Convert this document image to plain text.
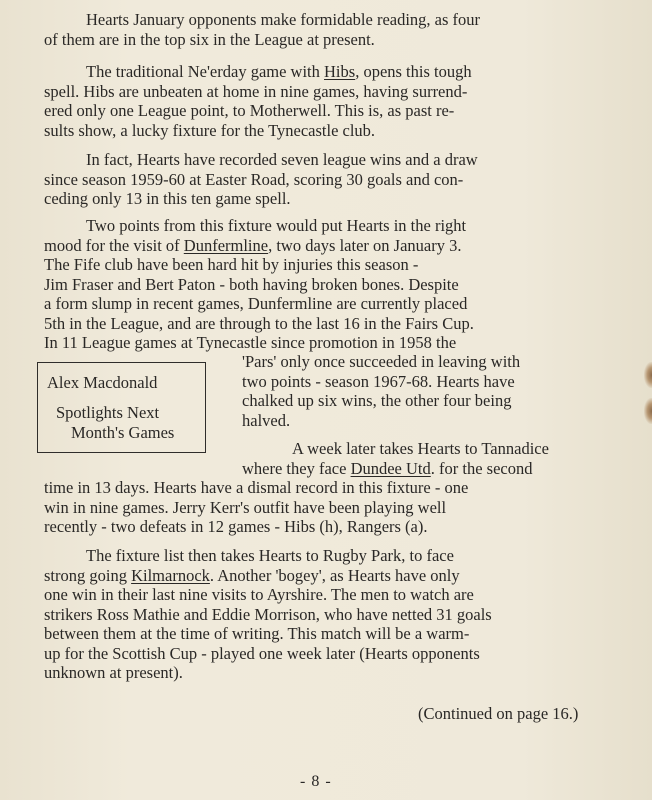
Hearts January opponents make formidable reading, as four
of them are in the top six in the League at present.
The traditional Ne'erday game with Hibs, opens this tough
spell. Hibs are unbeaten at home in nine games, having surrend-
ered only one League point, to Motherwell. This is, as past re-
sults show, a lucky fixture for the Tynecastle club.
In fact, Hearts have recorded seven league wins and a draw
since season 1959-60 at Easter Road, scoring 30 goals and con-
ceding only 13 in this ten game spell.
Two points from this fixture would put Hearts in the right
mood for the visit of Dunfermline, two days later on January 3.
The Fife club have been hard hit by injuries this season -
Jim Fraser and Bert Paton - both having broken bones. Despite
a form slump in recent games, Dunfermline are currently placed
5th in the League, and are through to the last 16 in the Fairs Cup.
In 11 League games at Tynecastle since promotion in 1958 the
'Pars' only once succeeded in leaving with
two points - season 1967-68. Hearts have
chalked up six wins, the other four being
halved.
Alex Macdonald
Spotlights Next
Month's Games
A week later takes Hearts to Tannadice
where they face Dundee Utd. for the second
time in 13 days. Hearts have a dismal record in this fixture - one
win in nine games. Jerry Kerr's outfit have been playing well
recently - two defeats in 12 games - Hibs (h), Rangers (a).
The fixture list then takes Hearts to Rugby Park, to face
strong going Kilmarnock. Another 'bogey', as Hearts have only
one win in their last nine visits to Ayrshire. The men to watch are
strikers Ross Mathie and Eddie Morrison, who have netted 31 goals
between them at the time of writing. This match will be a warm-
up for the Scottish Cup - played one week later (Hearts opponents
unknown at present).
(Continued on page 16.)
- 8 -
